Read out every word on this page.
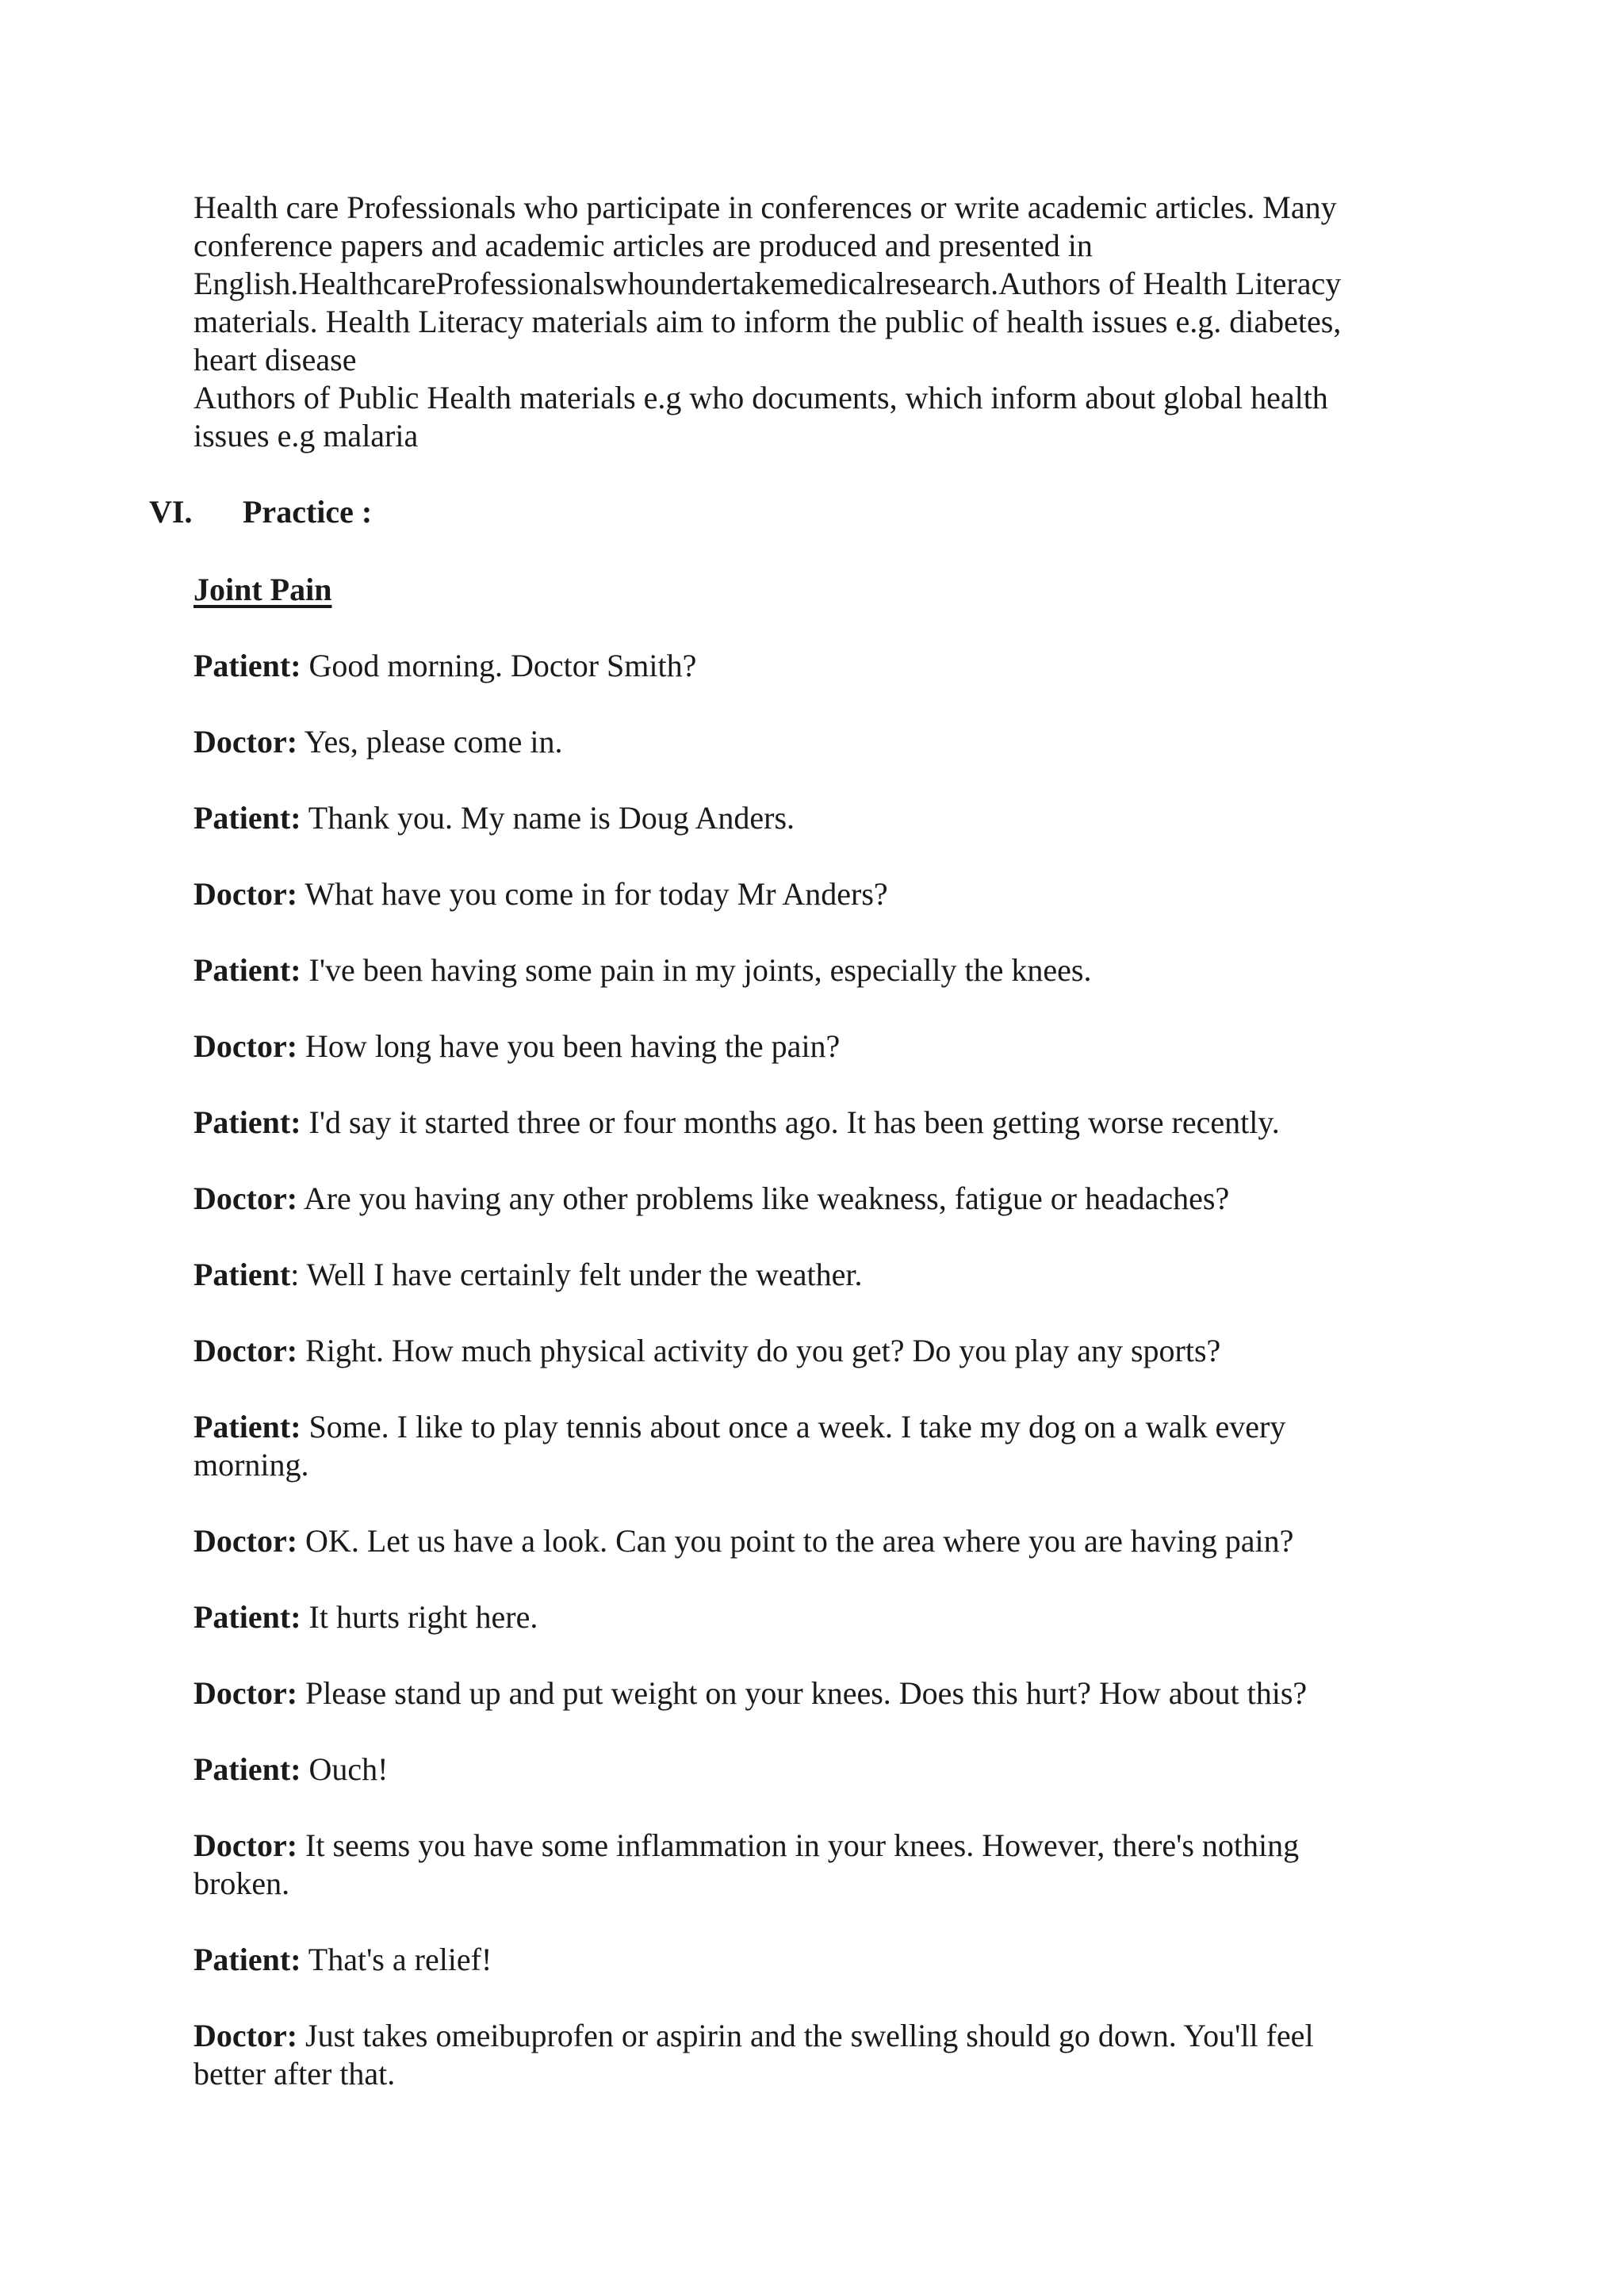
Health care Professionals who participate in conferences or write academic articles. Many conference papers and academic articles are produced and presented in English.HealthcareProfessionalswhoundertakemedicalresearch.Authors of Health Literacy materials. Health Literacy materials aim to inform the public of health issues e.g. diabetes, heart disease

Authors of Public Health materials e.g who documents, which inform about global health issues e.g malaria

VI.	Practice :
Joint Pain

Patient: Good morning. Doctor Smith?

Doctor: Yes, please come in.

Patient: Thank you. My name is Doug Anders.

Doctor: What have you come in for today Mr Anders?

Patient: I've been having some pain in my joints, especially the knees.

Doctor: How long have you been having the pain?

Patient: I'd say it started three or four months ago. It has been getting worse recently.

Doctor: Are you having any other problems like weakness, fatigue or headaches?

Patient: Well I have certainly felt under the weather.

Doctor: Right. How much physical activity do you get? Do you play any sports?

Patient: Some. I like to play tennis about once a week. I take my dog on a walk every morning.

Doctor: OK. Let us have a look. Can you point to the area where you are having pain?

Patient: It hurts right here.

Doctor: Please stand up and put weight on your knees. Does this hurt? How about this?

Patient: Ouch!

Doctor: It seems you have some inflammation in your knees. However, there's nothing broken.

Patient: That's a relief!

Doctor: Just takes omeibuprofen or aspirin and the swelling should go down. You'll feel better after that.
